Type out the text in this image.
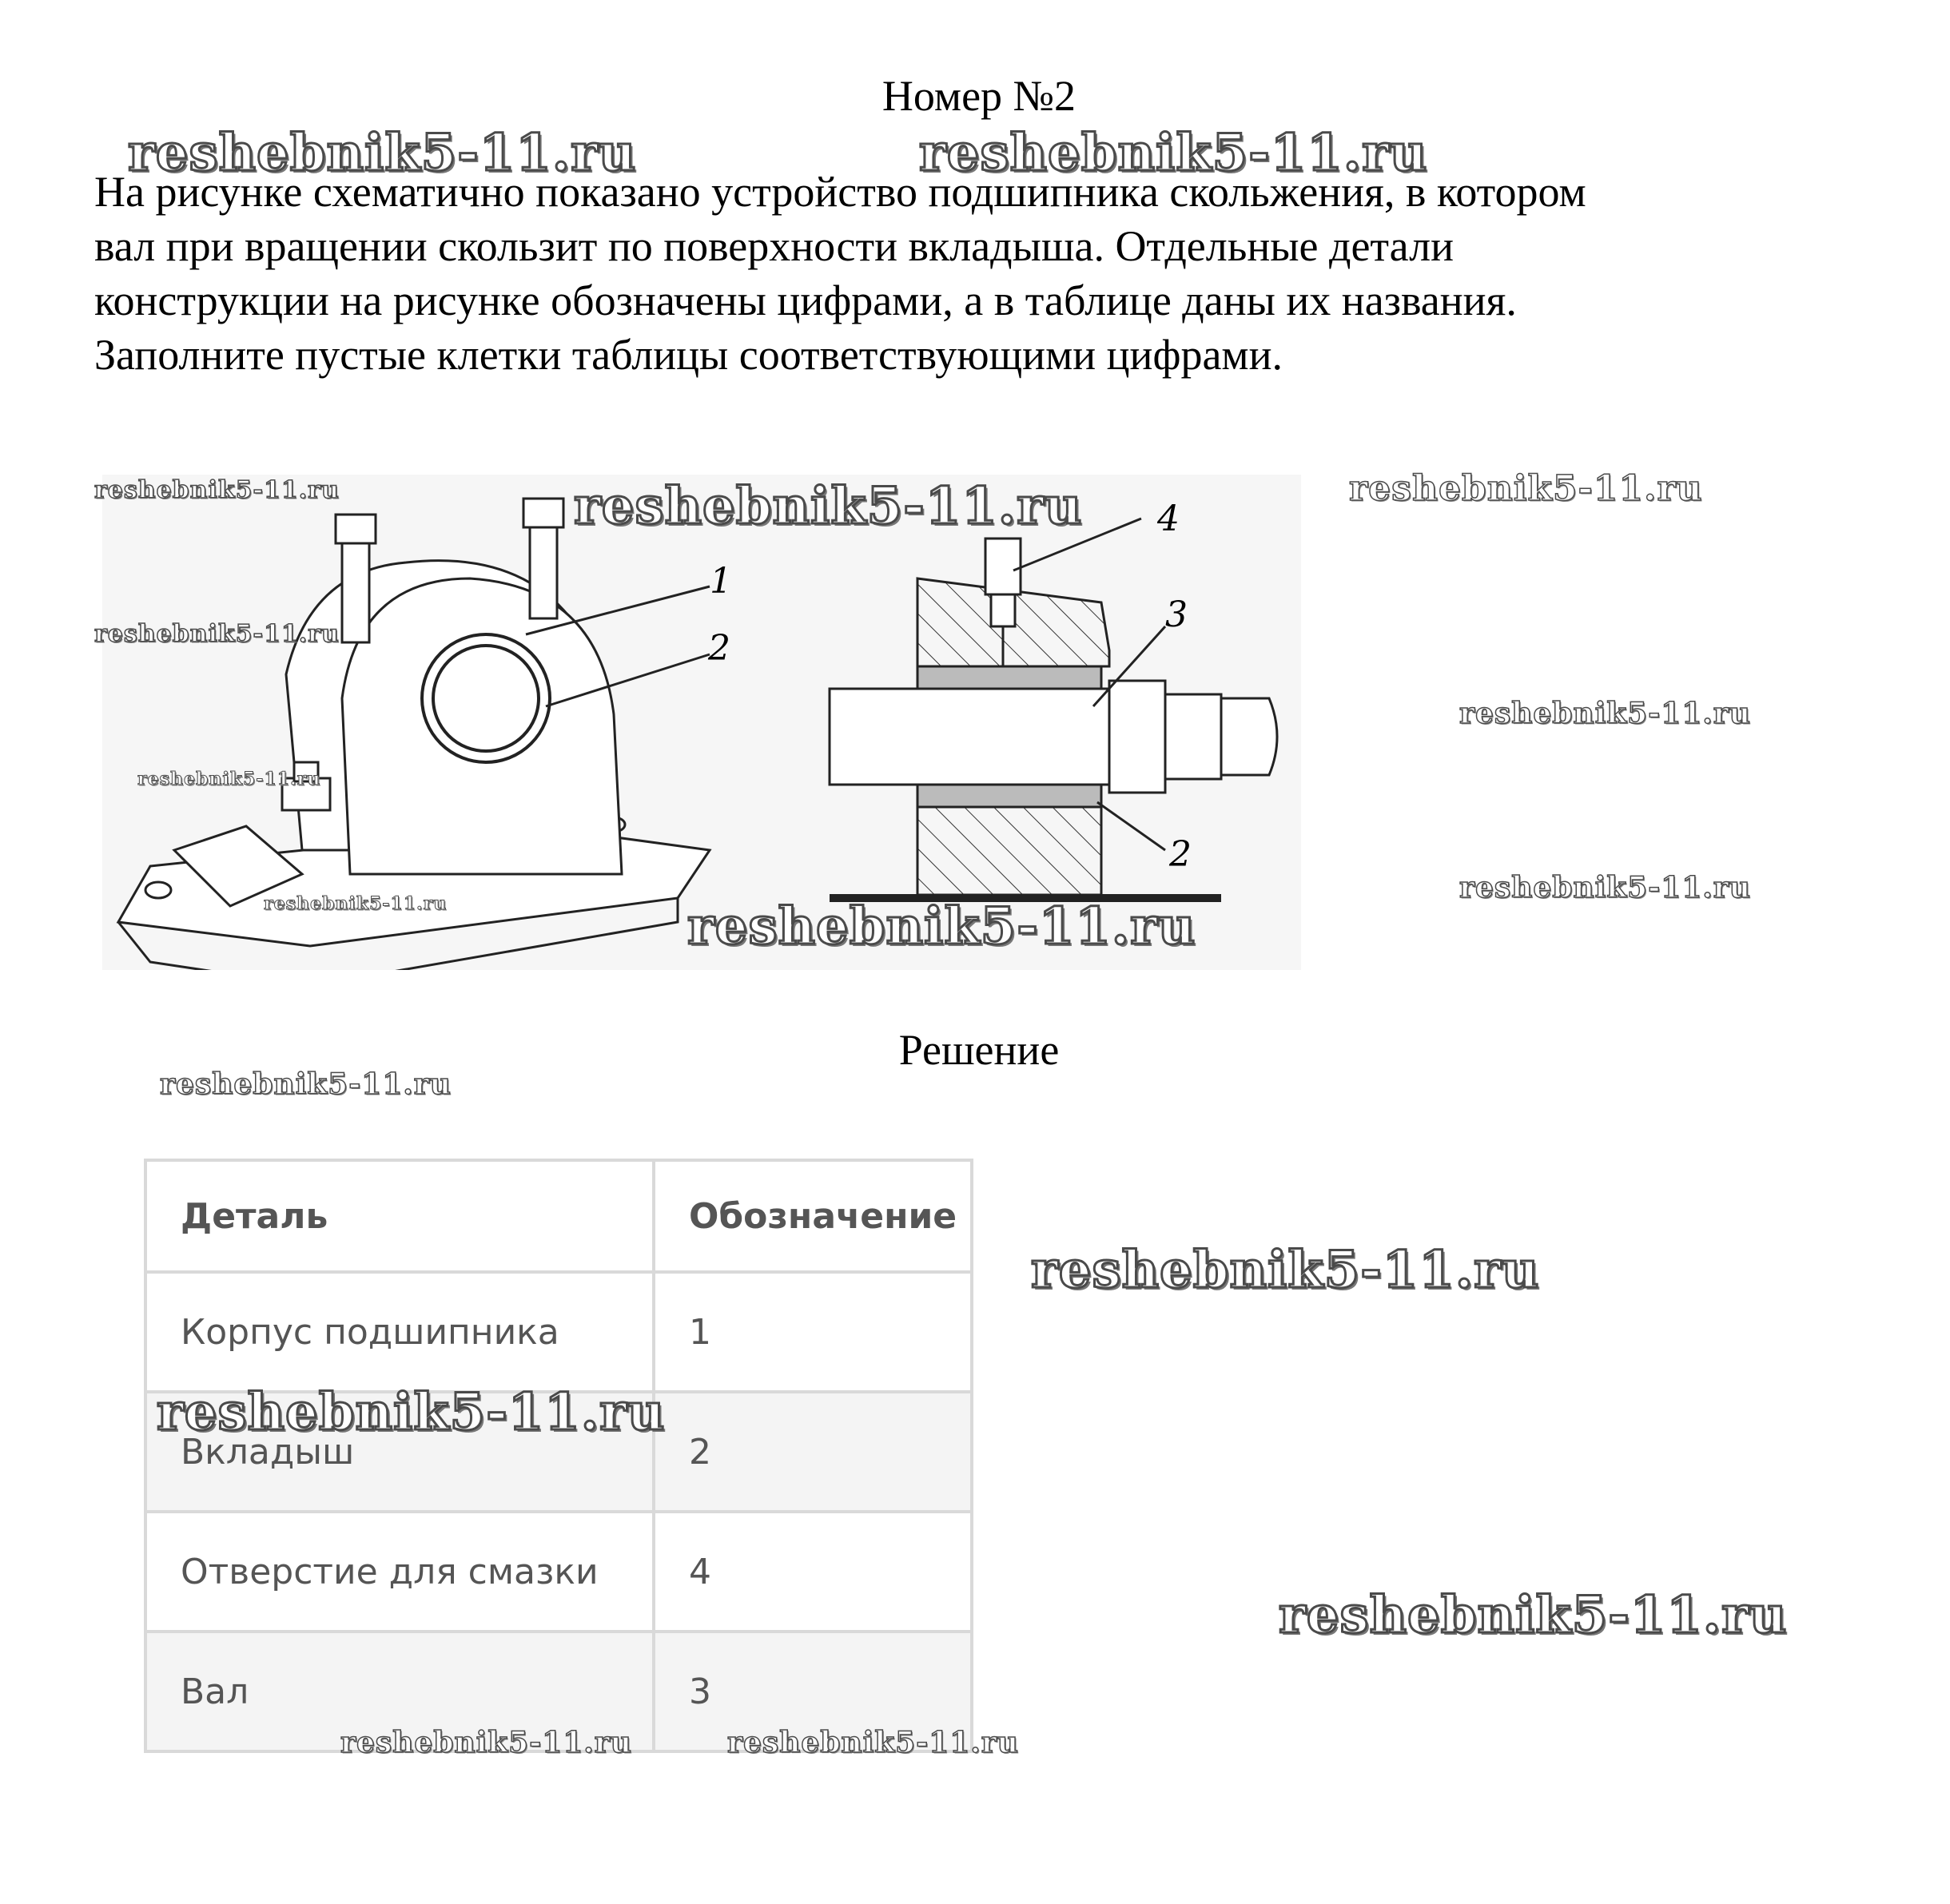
Номер №2

На рисунке схематично показано устройство подшипника скольжения, в котором
вал при вращении скользит по поверхности вкладыша. Отдельные детали
конструкции на рисунке обозначены цифрами, а в таблице даны их названия.
Заполните пустые клетки таблицы соответствующими цифрами.

1
2
4
3
2
Решение
Деталь	Обозначение
Корпус подшипника	1
Вкладыш	2
Отверстие для смазки	4
Вал	3
reshebnik5-11.ru	reshebnik5-11.ru
reshebnik5-11.ru	reshebnik5-11.ru	reshebnik5-11.ru
reshebnik5-11.ru
reshebnik5-11.ru
reshebnik5-11.ru
reshebnik5-11.ru
reshebnik5-11.ru	reshebnik5-11.ru
reshebnik5-11.ru
reshebnik5-11.ru
reshebnik5-11.ru
reshebnik5-11.ru
reshebnik5-11.ru	reshebnik5-11.ru
